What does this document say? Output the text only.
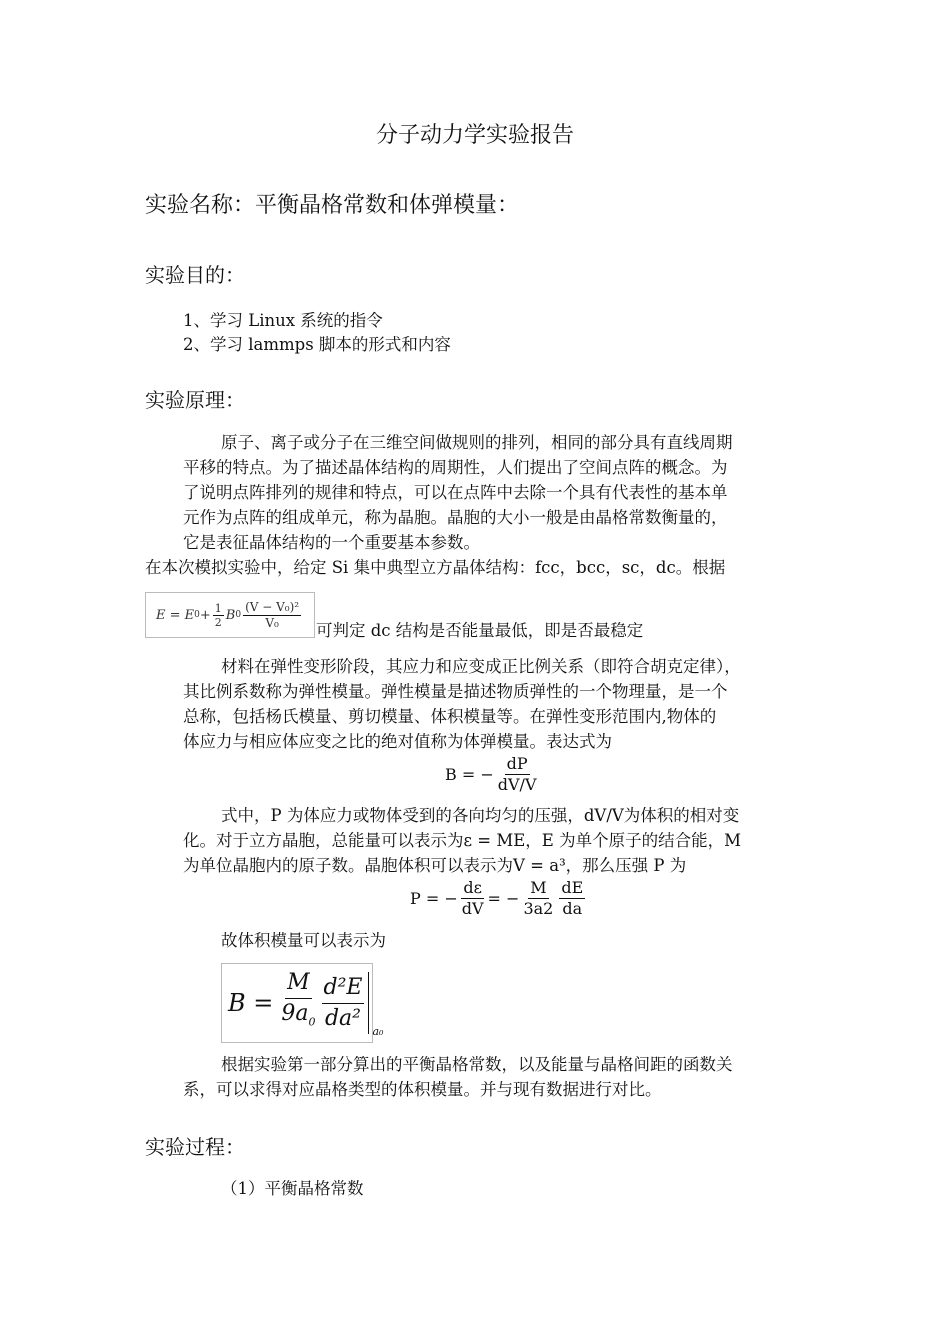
分子动力学实验报告
实验名称：平衡晶格常数和体弹模量：
实验目的：
1、学习 Linux 系统的指令
2、学习 lammps 脚本的形式和内容
实验原理：
原子、离子或分子在三维空间做规则的排列，相同的部分具有直线周期
平移的特点。为了描述晶体结构的周期性，人们提出了空间点阵的概念。为
了说明点阵排列的规律和特点，可以在点阵中去除一个具有代表性的基本单
元作为点阵的组成单元，称为晶胞。晶胞的大小一般是由晶格常数衡量的，
它是表征晶体结构的一个重要基本参数。
在本次模拟实验中，给定 Si 集中典型立方晶体结构：fcc，bcc，sc，dc。根据
E = E $0 + \frac{1}{2}$ B $0 \frac{\text{(V − V₀)²}}{\text{V₀}}$ 可判定 dc 结构是否能量最低，即是否最稳定
材料在弹性变形阶段，其应力和应变成正比例关系（即符合胡克定律），
其比例系数称为弹性模量。弹性模量是描述物质弹性的一个物理量，是一个
总称，包括杨氏模量、剪切模量、体积模量等。在弹性变形范围内,物体的
体应力与相应体应变之比的绝对值称为体弹模量。表达式为
B = − $\frac{dP}{dV/V}$
式中，P 为体应力或物体受到的各向均匀的压强，dV/V为体积的相对变
化。对于立方晶胞，总能量可以表示为ε = ME，E 为单个原子的结合能，M
为单位晶胞内的原子数。晶胞体积可以表示为V = a³，那么压强 P 为
P = − $\frac{d\varepsilon}{dV}$ = − $\frac{M}{3a2} \frac{dE}{da}$
故体积模量可以表示为
$B = \frac{M}{9a_0} \frac{\text{d²E}}{\text{da²}} a_0$
根据实验第一部分算出的平衡晶格常数，以及能量与晶格间距的函数关
系，可以求得对应晶格类型的体积模量。并与现有数据进行对比。
实验过程：
（1）平衡晶格常数
